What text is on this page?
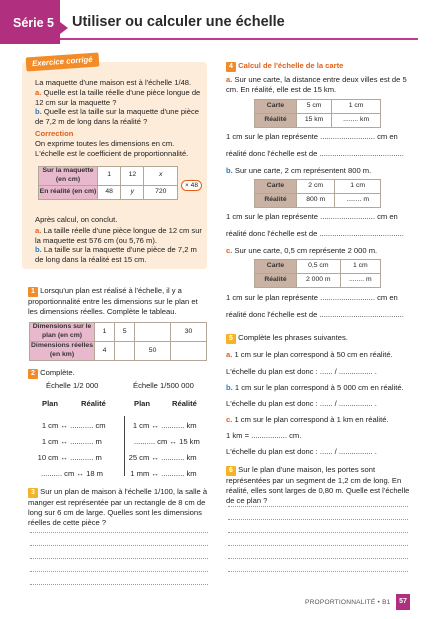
Série 5 Utiliser ou calculer une échelle
Exercice corrigé
La maquette d'une maison est à l'échelle 1/48.
a. Quelle est la taille réelle d'une pièce longue de 12 cm sur la maquette ?
b. Quelle est la taille sur la maquette d'une pièce de 7,2 m de long dans la réalité ?
Correction
On exprime toutes les dimensions en cm. L'échelle est le coefficient de proportionnalité.
Sur la maquette (en cm)	1	12	x
En réalité (en cm)	48	y	720
× 48
Après calcul, on conclut.
a. La taille réelle d'une pièce longue de 12 cm sur la maquette est 576 cm (ou 5,76 m).
b. La taille sur la maquette d'une pièce de 7,2 m de long dans la réalité est 15 cm.
1 Lorsqu'un plan est réalisé à l'échelle, il y a proportionnalité entre les dimensions sur le plan et les dimensions réelles. Complète le tableau.
Dimensions sur le plan (en cm)	1	5		30
Dimensions réelles (en km)	4		50	
2 Complète.
Échelle 1/2 000	Échelle 1/500 000
Plan	Réalité	Plan	Réalité
1 cm ↔ ........... cm
1 cm ↔ ........... m
10 cm ↔ ........... m
.......... cm ↔ 18 m
1 cm ↔ ........... km
.......... cm ↔ 15 km
25 cm ↔ ........... km
1 mm ↔ ........... km
3 Sur un plan de maison à l'échelle 1/100, la salle à manger est représentée par un rectangle de 8 cm de long sur 6 cm de large. Quelles sont les dimensions réelles de cette pièce ?
4 Calcul de l'échelle de la carte
a. Sur une carte, la distance entre deux villes est de 5 cm. En réalité, elle est de 15 km.
Carte	5 cm	1 cm
Réalité	15 km	........ km
1 cm sur le plan représente .......................... cm en
réalité donc l'échelle est de ........................................
b. Sur une carte, 2 cm représentent 800 m.
Carte	2 cm	1 cm
Réalité	800 m	........ m
1 cm sur le plan représente .......................... cm en
réalité donc l'échelle est de ........................................
c. Sur une carte, 0,5 cm représente 2 000 m.
Carte	0,5 cm	1 cm
Réalité	2 000 m	........ m
1 cm sur le plan représente .......................... cm en
réalité donc l'échelle est de ........................................
5 Complète les phrases suivantes.
a. 1 cm sur le plan correspond à 50 cm en réalité.
L'échelle du plan est donc : ...... / ................ .
b. 1 cm sur le plan correspond à 5 000 cm en réalité.
L'échelle du plan est donc : ...... / ................ .
c. 1 cm sur le plan correspond à 1 km en réalité.
1 km = ................. cm.
L'échelle du plan est donc : ...... / ................ .
6 Sur le plan d'une maison, les portes sont représentées par un segment de 1,2 cm de long. En réalité, elles sont larges de 0,80 m. Quelle est l'échelle de ce plan ?
PROPORTIONNALITÉ • B1	57
